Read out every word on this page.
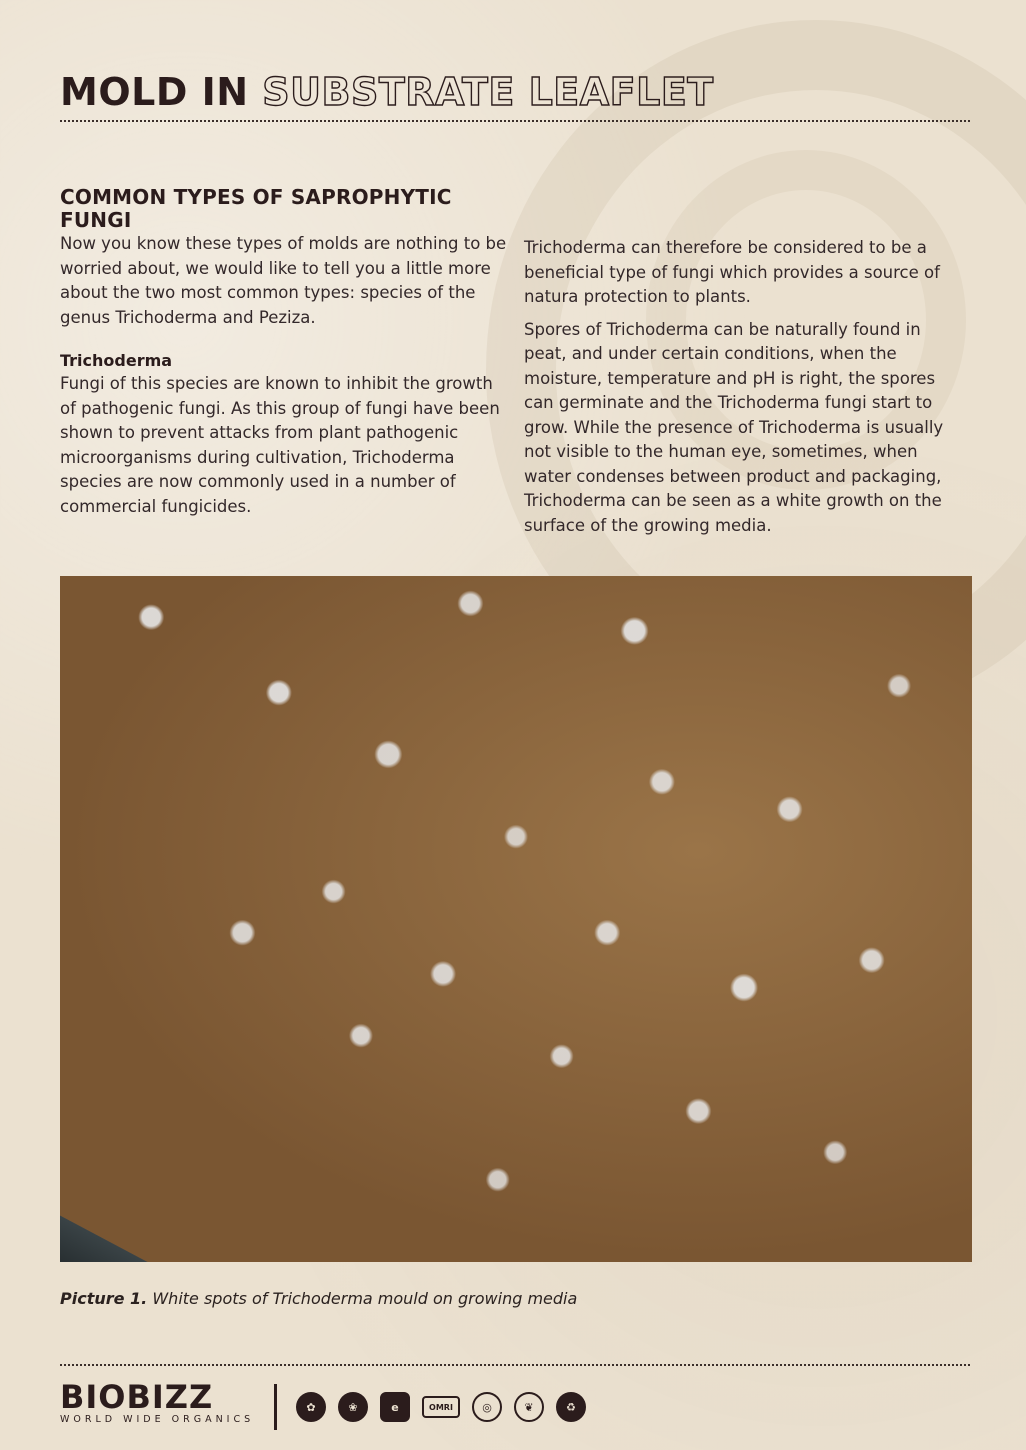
MOLD IN SUBSTRATE LEAFLET
COMMON TYPES OF SAPROPHYTIC FUNGI

Now you know these types of molds are nothing to be worried about, we would like to tell you a little more about the two most common types: species of the genus Trichoderma and Peziza.

Trichoderma

Fungi of this species are known to inhibit the growth of pathogenic fungi. As this group of fungi have been shown to prevent attacks from plant pathogenic microorganisms during cultivation, Trichoderma species are now commonly used in a number of commercial fungicides.

Trichoderma can therefore be considered to be a beneficial type of fungi which provides a source of natura protection to plants.

Spores of Trichoderma can be naturally found in peat, and under certain conditions, when the moisture, temperature and pH is right, the spores can germinate and the Trichoderma fungi start to grow. While the presence of Trichoderma is usually not visible to the human eye, sometimes, when water condenses between product and packaging, Trichoderma can be seen as a white growth on the surface of the growing media.

Picture 1. White spots of Trichoderma mould on growing media
BIOBIZZ
WORLD WIDE ORGANICS
✿	❀	e	OMRI	◎	❦	♻
